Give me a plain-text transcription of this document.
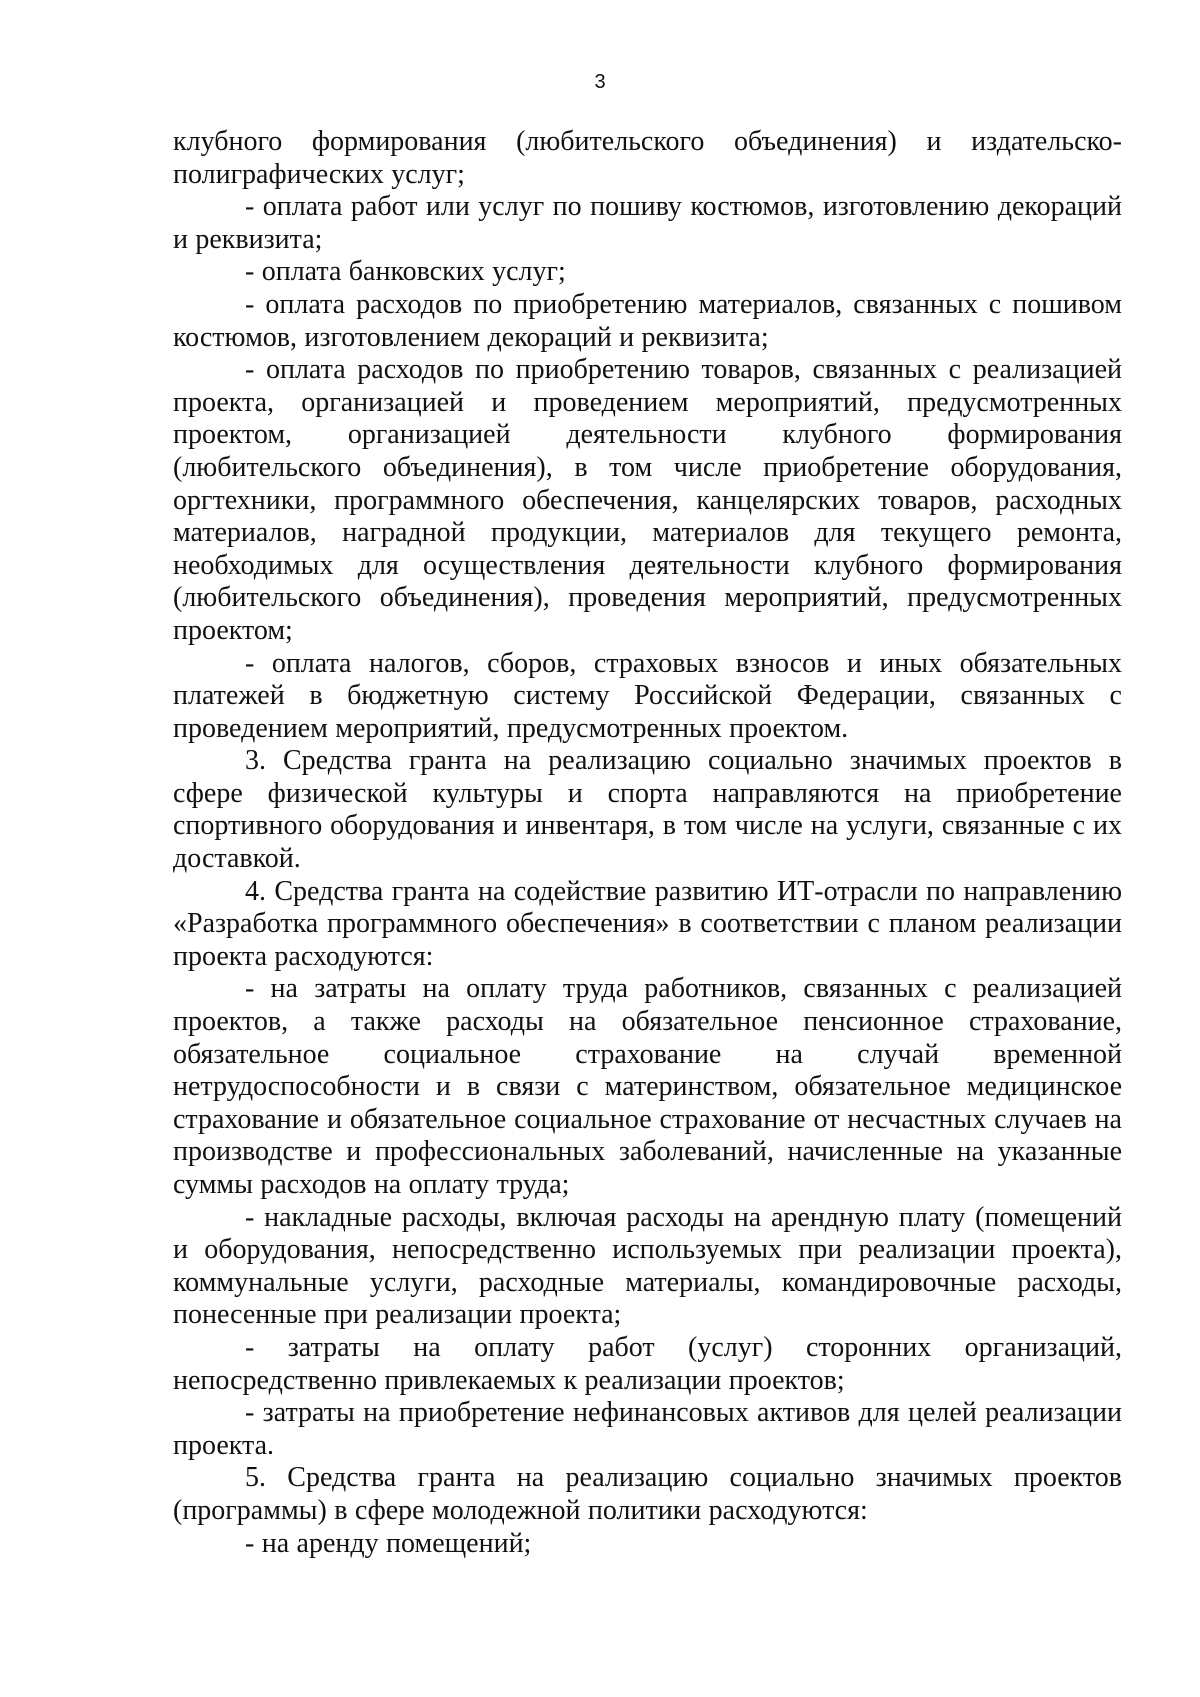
3

клубного формирования (любительского объединения) и издательско-полиграфических услуг;

- оплата работ или услуг по пошиву костюмов, изготовлению декораций и реквизита;

- оплата банковских услуг;

- оплата расходов по приобретению материалов, связанных с пошивом костюмов, изготовлением декораций и реквизита;

- оплата расходов по приобретению товаров, связанных с реализацией проекта, организацией и проведением мероприятий, предусмотренных проектом, организацией деятельности клубного формирования (любительского объединения), в том числе приобретение оборудования, оргтехники, программного обеспечения, канцелярских товаров, расходных материалов, наградной продукции, материалов для текущего ремонта, необходимых для осуществления деятельности клубного формирования (любительского объединения), проведения мероприятий, предусмотренных проектом;

- оплата налогов, сборов, страховых взносов и иных обязательных платежей в бюджетную систему Российской Федерации, связанных с проведением мероприятий, предусмотренных проектом.

3. Средства гранта на реализацию социально значимых проектов в сфере физической культуры и спорта направляются на приобретение спортивного оборудования и инвентаря, в том числе на услуги, связанные с их доставкой.

4. Средства гранта на содействие развитию ИТ-отрасли по направлению «Разработка программного обеспечения» в соответствии с планом реализации проекта расходуются:

- на затраты на оплату труда работников, связанных с реализацией проектов, а также расходы на обязательное пенсионное страхование, обязательное социальное страхование на случай временной нетрудоспособности и в связи с материнством, обязательное медицинское страхование и обязательное социальное страхование от несчастных случаев на производстве и профессиональных заболеваний, начисленные на указанные суммы расходов на оплату труда;

- накладные расходы, включая расходы на арендную плату (помещений и оборудования, непосредственно используемых при реализации проекта), коммунальные услуги, расходные материалы, командировочные расходы, понесенные при реализации проекта;

- затраты на оплату работ (услуг) сторонних организаций, непосредственно привлекаемых к реализации проектов;

- затраты на приобретение нефинансовых активов для целей реализации проекта.

5. Средства гранта на реализацию социально значимых проектов (программы) в сфере молодежной политики расходуются:

- на аренду помещений;
